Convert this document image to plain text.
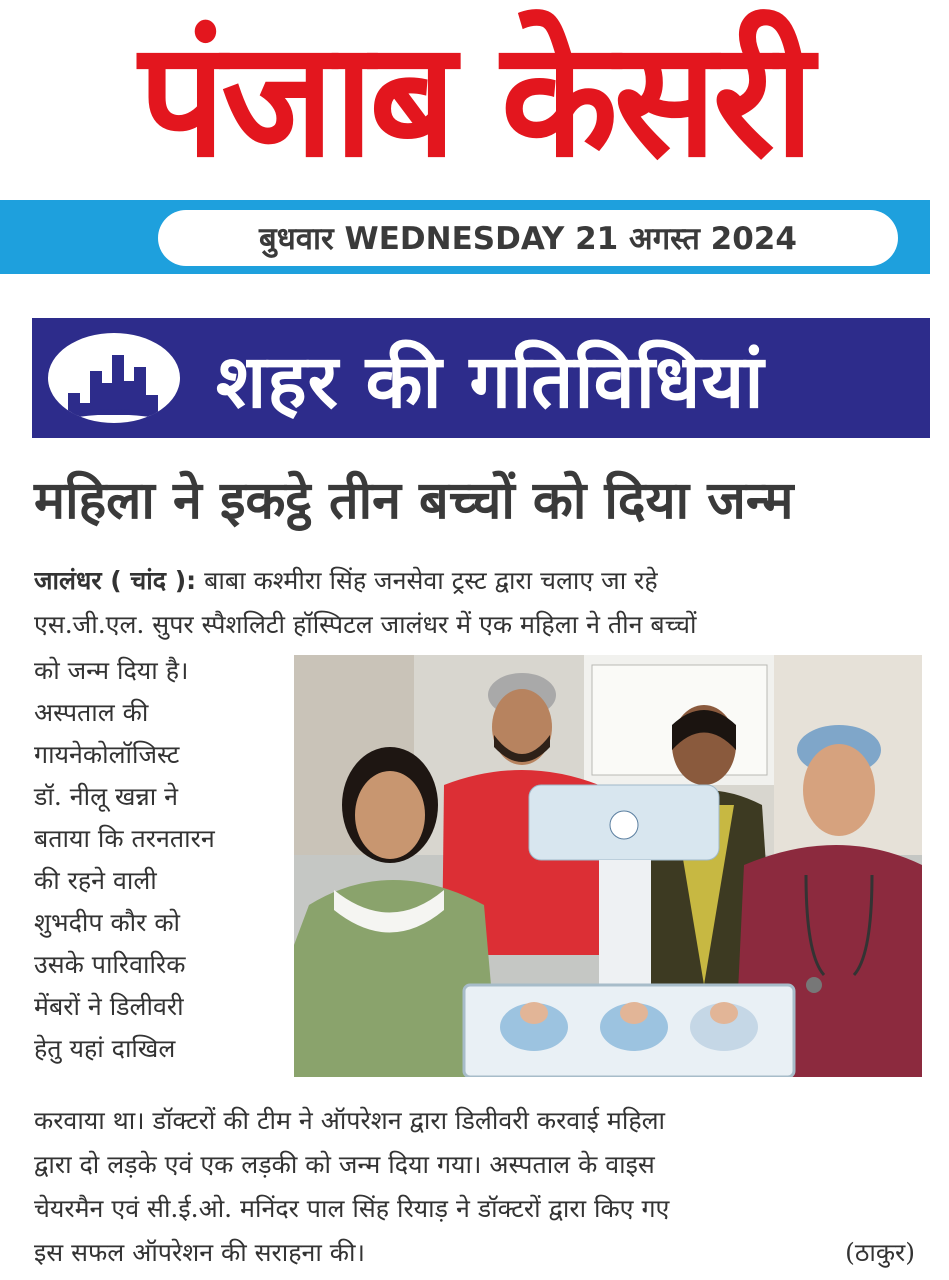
पंजाब केसरी
बुधवार WEDNESDAY 21 अगस्त 2024
शहर की गतिविधियां
महिला ने इकट्ठे तीन बच्चों को दिया जन्म
जालंधर ( चांद ): बाबा कश्मीरा सिंह जनसेवा ट्रस्ट द्वारा चलाए जा रहे
एस.जी.एल. सुपर स्पैशलिटी हॉस्पिटल जालंधर में एक महिला ने तीन बच्चों
को जन्म दिया है।
अस्पताल की
गायनेकोलॉजिस्ट
डॉ. नीलू खन्ना ने
बताया कि तरनतारन
की रहने वाली
शुभदीप कौर को
उसके पारिवारिक
मेंबरों ने डिलीवरी
हेतु यहां दाखिल
करवाया था। डॉक्टरों की टीम ने ऑपरेशन द्वारा डिलीवरी करवाई महिला
द्वारा दो लड़के एवं एक लड़की को जन्म दिया गया। अस्पताल के वाइस
चेयरमैन एवं सी.ई.ओ. मनिंदर पाल सिंह रियाड़ ने डॉक्टरों द्वारा किए गए
इस सफल ऑपरेशन की सराहना की।	(ठाकुर)
